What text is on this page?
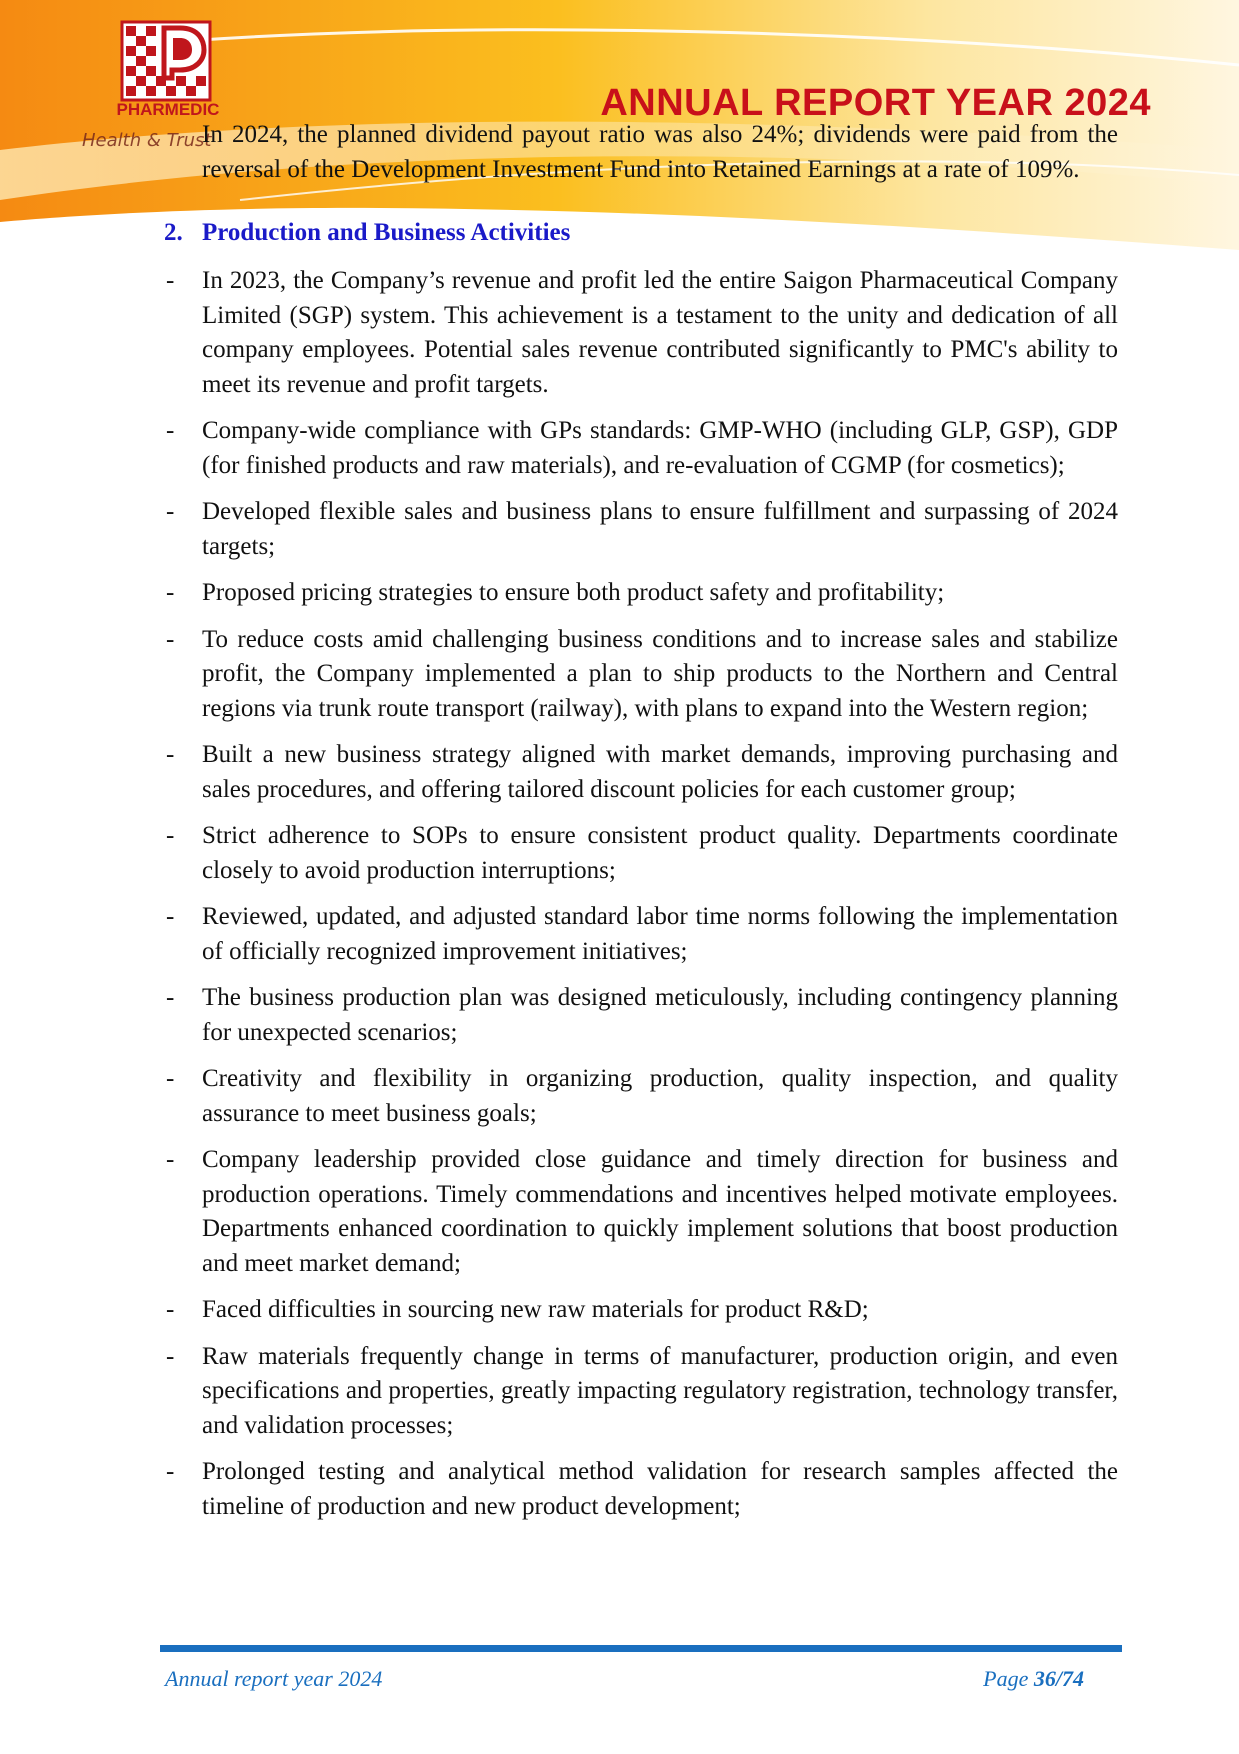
PHARMEDIC
Health & Trust
ANNUAL REPORT YEAR 2024

In 2024, the planned dividend payout ratio was also 24%; dividends were paid from the reversal of the Development Investment Fund into Retained Earnings at a rate of 109%.

2. Production and Business Activities
- In 2023, the Company’s revenue and profit led the entire Saigon Pharmaceutical Company Limited (SGP) system. This achievement is a testament to the unity and dedication of all company employees. Potential sales revenue contributed significantly to PMC's ability to meet its revenue and profit targets.
- Company-wide compliance with GPs standards: GMP-WHO (including GLP, GSP), GDP (for finished products and raw materials), and re-evaluation of CGMP (for cosmetics);
- Developed flexible sales and business plans to ensure fulfillment and surpassing of 2024 targets;
- Proposed pricing strategies to ensure both product safety and profitability;
- To reduce costs amid challenging business conditions and to increase sales and stabilize profit, the Company implemented a plan to ship products to the Northern and Central regions via trunk route transport (railway), with plans to expand into the Western region;
- Built a new business strategy aligned with market demands, improving purchasing and sales procedures, and offering tailored discount policies for each customer group;
- Strict adherence to SOPs to ensure consistent product quality. Departments coordinate closely to avoid production interruptions;
- Reviewed, updated, and adjusted standard labor time norms following the implementation of officially recognized improvement initiatives;
- The business production plan was designed meticulously, including contingency planning for unexpected scenarios;
- Creativity and flexibility in organizing production, quality inspection, and quality assurance to meet business goals;
- Company leadership provided close guidance and timely direction for business and production operations. Timely commendations and incentives helped motivate employees. Departments enhanced coordination to quickly implement solutions that boost production and meet market demand;
- Faced difficulties in sourcing new raw materials for product R&D;
- Raw materials frequently change in terms of manufacturer, production origin, and even specifications and properties, greatly impacting regulatory registration, technology transfer, and validation processes;
- Prolonged testing and analytical method validation for research samples affected the timeline of production and new product development;
Annual report year 2024	Page 36/74
